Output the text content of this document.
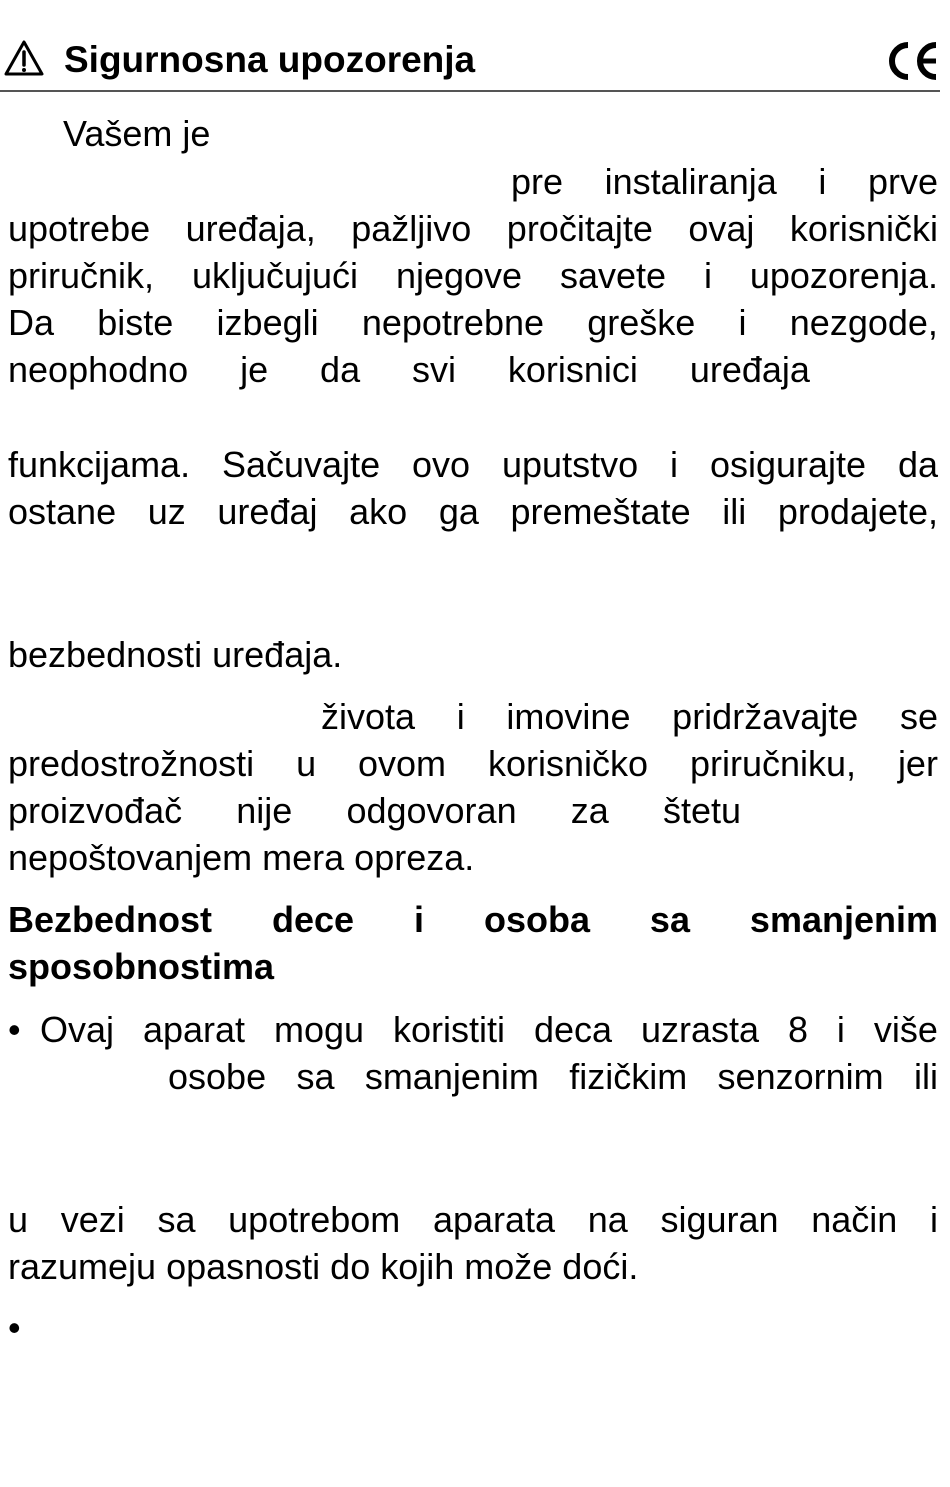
Sigurnosna upozorenja
Vašem je
pre instaliranja i prve
upotrebe uređaja, pažljivo pročitajte ovaj korisnički
priručnik, uključujući njegove savete i upozorenja.
Da biste izbegli nepotrebne greške i nezgode,
neophodno je da svi korisnici uređaja
funkcijama. Sačuvajte ovo uputstvo i osigurajte da
ostane uz uređaj ako ga premeštate ili prodajete,
bezbednosti uređaja.
života i imovine pridržavajte se
predostrožnosti u ovom korisničko priručniku, jer
proizvođač nije odgovoran za štetu
nepoštovanjem mera opreza.
Bezbednost dece i osoba sa smanjenim
sposobnostima
• Ovaj aparat mogu koristiti deca uzrasta 8 i više
osobe sa smanjenim fizičkim senzornim ili
u vezi sa upotrebom aparata na siguran način i
razumeju opasnosti do kojih može doći.
•
